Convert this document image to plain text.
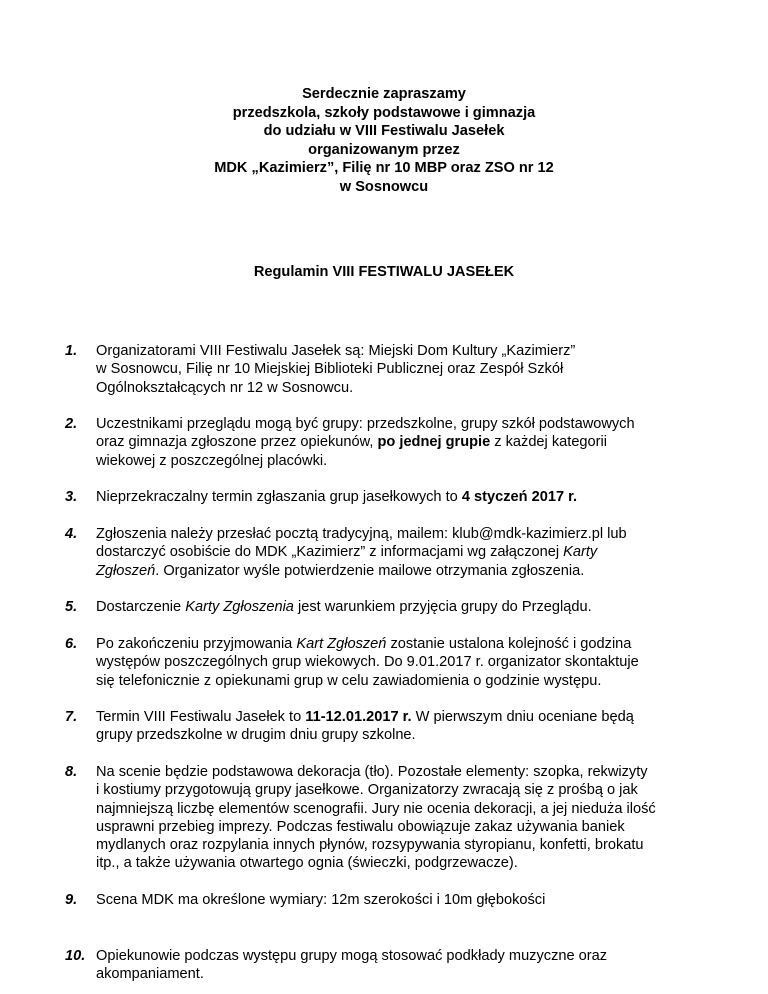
Serdecznie zapraszamy
przedszkola, szkoły podstawowe i gimnazja
do udziału w VIII Festiwalu Jasełek
organizowanym przez
MDK „Kazimierz”, Filię nr 10 MBP oraz ZSO nr 12
w Sosnowcu
Regulamin VIII FESTIWALU JASEŁEK
1.	Organizatorami VIII Festiwalu Jasełek są: Miejski Dom Kultury „Kazimierz”
w Sosnowcu, Filię nr 10 Miejskiej Biblioteki Publicznej oraz Zespół Szkół
Ogólnokształcących nr 12 w Sosnowcu.
2.	Uczestnikami przeglądu mogą być grupy: przedszkolne, grupy szkół podstawowych
oraz gimnazja zgłoszone przez opiekunów, po jednej grupie z każdej kategorii
wiekowej z poszczególnej placówki.
3.	Nieprzekraczalny termin zgłaszania grup jasełkowych to 4 styczeń 2017 r.
4.	Zgłoszenia należy przesłać pocztą tradycyjną, mailem: klub@mdk-kazimierz.pl lub
dostarczyć osobiście do MDK „Kazimierz” z informacjami wg załączonej Karty
Zgłoszeń. Organizator wyśle potwierdzenie mailowe otrzymania zgłoszenia.
5.	Dostarczenie Karty Zgłoszenia jest warunkiem przyjęcia grupy do Przeglądu.
6.	Po zakończeniu przyjmowania Kart Zgłoszeń zostanie ustalona kolejność i godzina
występów poszczególnych grup wiekowych. Do 9.01.2017 r. organizator skontaktuje
się telefonicznie z opiekunami grup w celu zawiadomienia o godzinie występu.
7.	Termin VIII Festiwalu Jasełek to 11-12.01.2017 r. W pierwszym dniu oceniane będą
grupy przedszkolne w drugim dniu grupy szkolne.
8.	Na scenie będzie podstawowa dekoracja (tło). Pozostałe elementy: szopka, rekwizyty
i kostiumy przygotowują grupy jasełkowe. Organizatorzy zwracają się z prośbą o jak
najmniejszą liczbę elementów scenografii. Jury nie ocenia dekoracji, a jej nieduża ilość
usprawni przebieg imprezy. Podczas festiwalu obowiązuje zakaz używania baniek
mydlanych oraz rozpylania innych płynów, rozsypywania styropianu, konfetti, brokatu
itp., a także używania otwartego ognia (świeczki, podgrzewacze).
9.	Scena MDK ma określone wymiary: 12m szerokości i 10m głębokości
10. Opiekunowie podczas występu grupy mogą stosować podkłady muzyczne oraz
akompaniament.
